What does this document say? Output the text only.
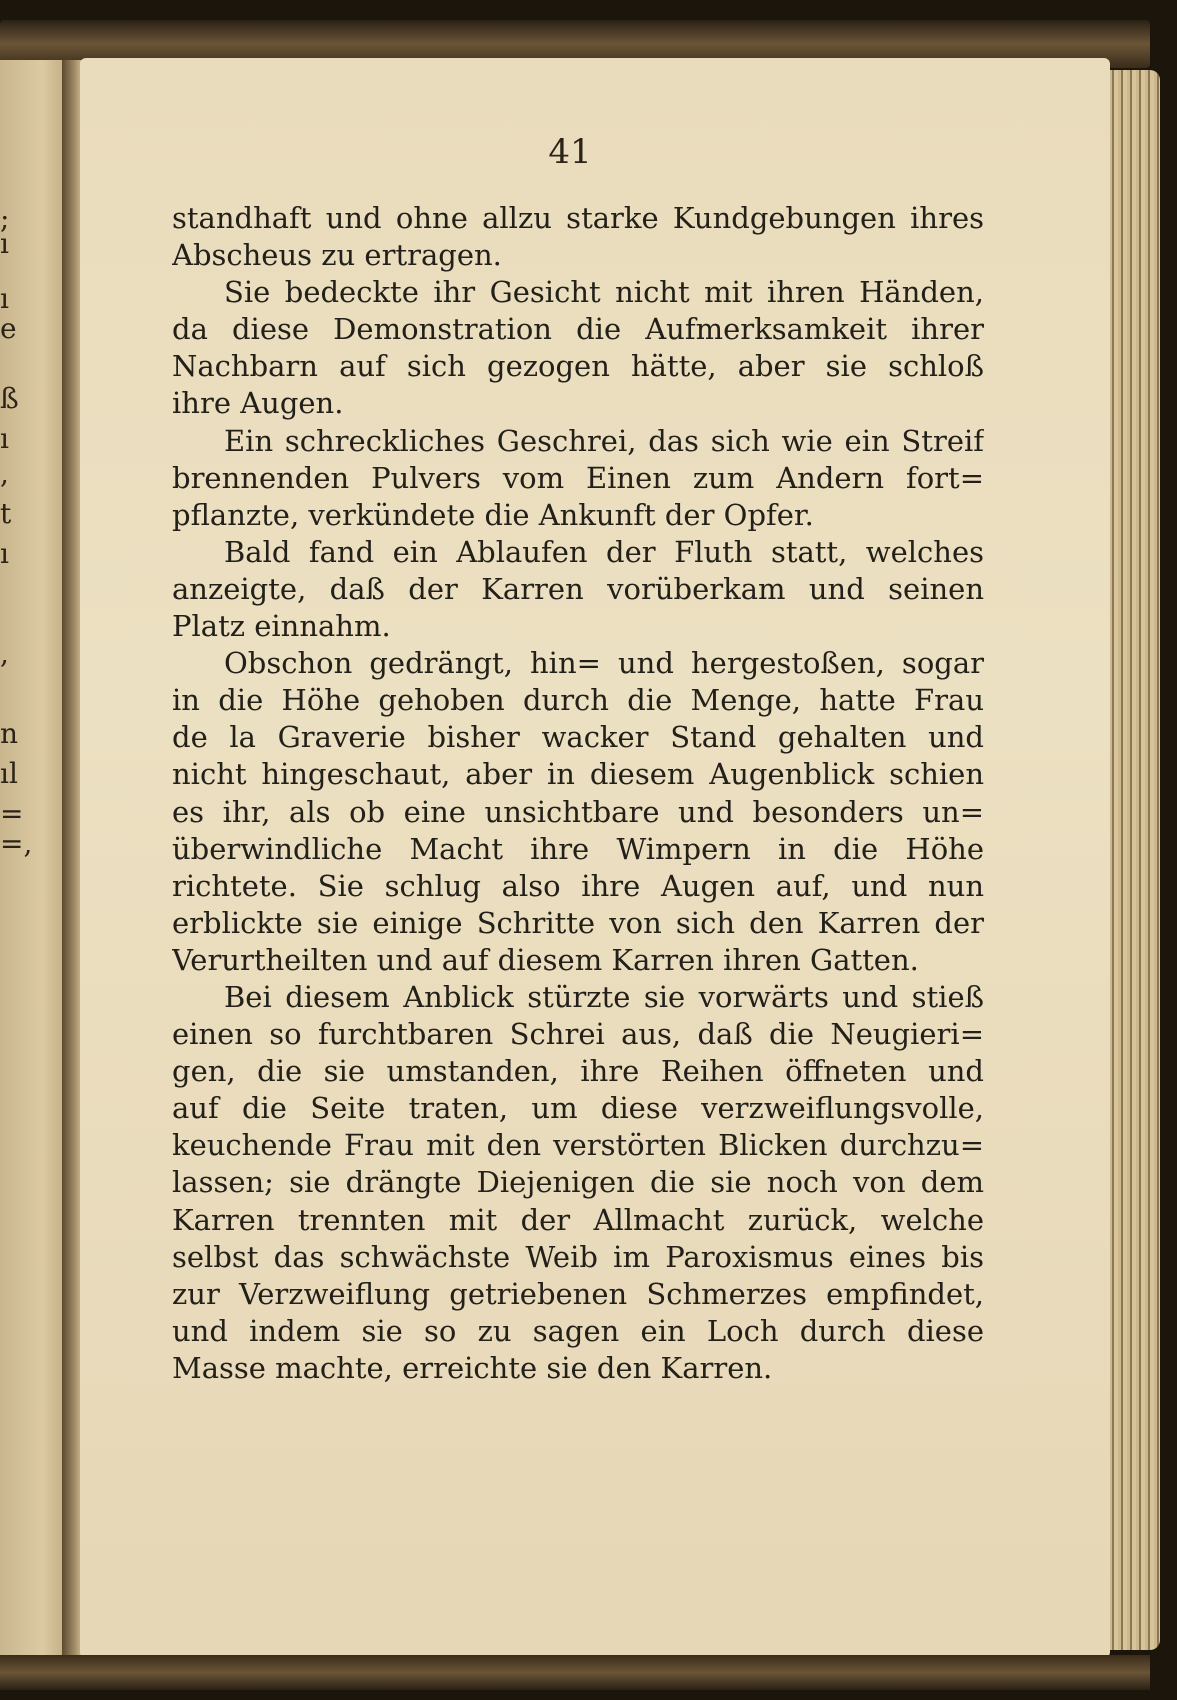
;
ı
ı
e
ß
ı
,
t
ı
,
n
ıl
=
=,
41
standhaft und ohne allzu starke Kundgebungen ihres
Abscheus zu ertragen.
Sie bedeckte ihr Gesicht nicht mit ihren Händen,
da diese Demonstration die Aufmerksamkeit ihrer
Nachbarn auf sich gezogen hätte, aber sie schloß
ihre Augen.
Ein schreckliches Geschrei, das sich wie ein Streif
brennenden Pulvers vom Einen zum Andern fort=
pflanzte, verkündete die Ankunft der Opfer.
Bald fand ein Ablaufen der Fluth statt, welches
anzeigte, daß der Karren vorüberkam und seinen
Platz einnahm.
Obschon gedrängt, hin= und hergestoßen, sogar
in die Höhe gehoben durch die Menge, hatte Frau
de la Graverie bisher wacker Stand gehalten und
nicht hingeschaut, aber in diesem Augenblick schien
es ihr, als ob eine unsichtbare und besonders un=
überwindliche Macht ihre Wimpern in die Höhe
richtete. Sie schlug also ihre Augen auf, und nun
erblickte sie einige Schritte von sich den Karren der
Verurtheilten und auf diesem Karren ihren Gatten.
Bei diesem Anblick stürzte sie vorwärts und stieß
einen so furchtbaren Schrei aus, daß die Neugieri=
gen, die sie umstanden, ihre Reihen öffneten und
auf die Seite traten, um diese verzweiflungsvolle,
keuchende Frau mit den verstörten Blicken durchzu=
lassen; sie drängte Diejenigen die sie noch von dem
Karren trennten mit der Allmacht zurück, welche
selbst das schwächste Weib im Paroxismus eines bis
zur Verzweiflung getriebenen Schmerzes empfindet,
und indem sie so zu sagen ein Loch durch diese
Masse machte, erreichte sie den Karren.
